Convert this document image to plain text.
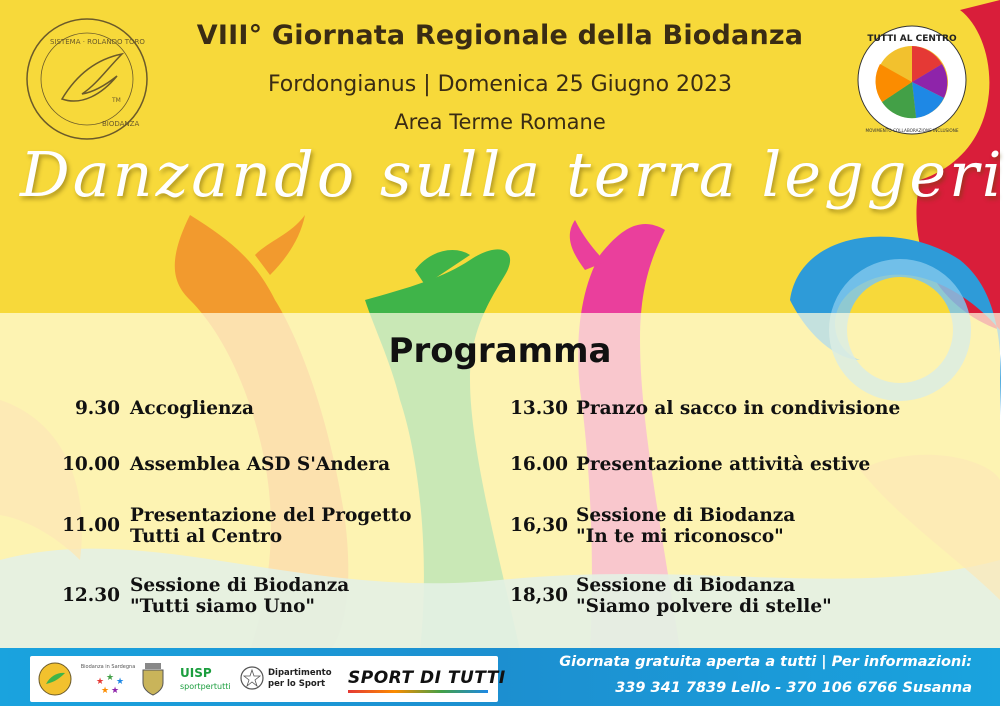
SISTEMA · ROLANDO TORO
BIODANZA
TM
TUTTI AL CENTRO
MOVIMENTO COLLABORAZIONE INCLUSIONE
VIII° Giornata Regionale della Biodanza
Fordongianus | Domenica 25 Giugno 2023
Area Terme Romane
Danzando sulla terra leggeri
Programma
9.30 Accoglienza
10.00 Assemblea ASD S'Andera
11.00 Presentazione del Progetto
Tutti al Centro
12.30 Sessione di Biodanza
"Tutti siamo Uno"
13.30 Pranzo al sacco in condivisione
16.00 Presentazione attività estive
16,30 Sessione di Biodanza
"In te mi riconosco"
18,30 Sessione di Biodanza
"Siamo polvere di stelle"
Biodanza in Sardegna
★ ★ ★
★ ★
UISP
sportpertutti
Dipartimento per lo Sport	SPORT DI TUTTI
Giornata gratuita aperta a tutti | Per informazioni:
339 341 7839 Lello - 370 106 6766 Susanna
